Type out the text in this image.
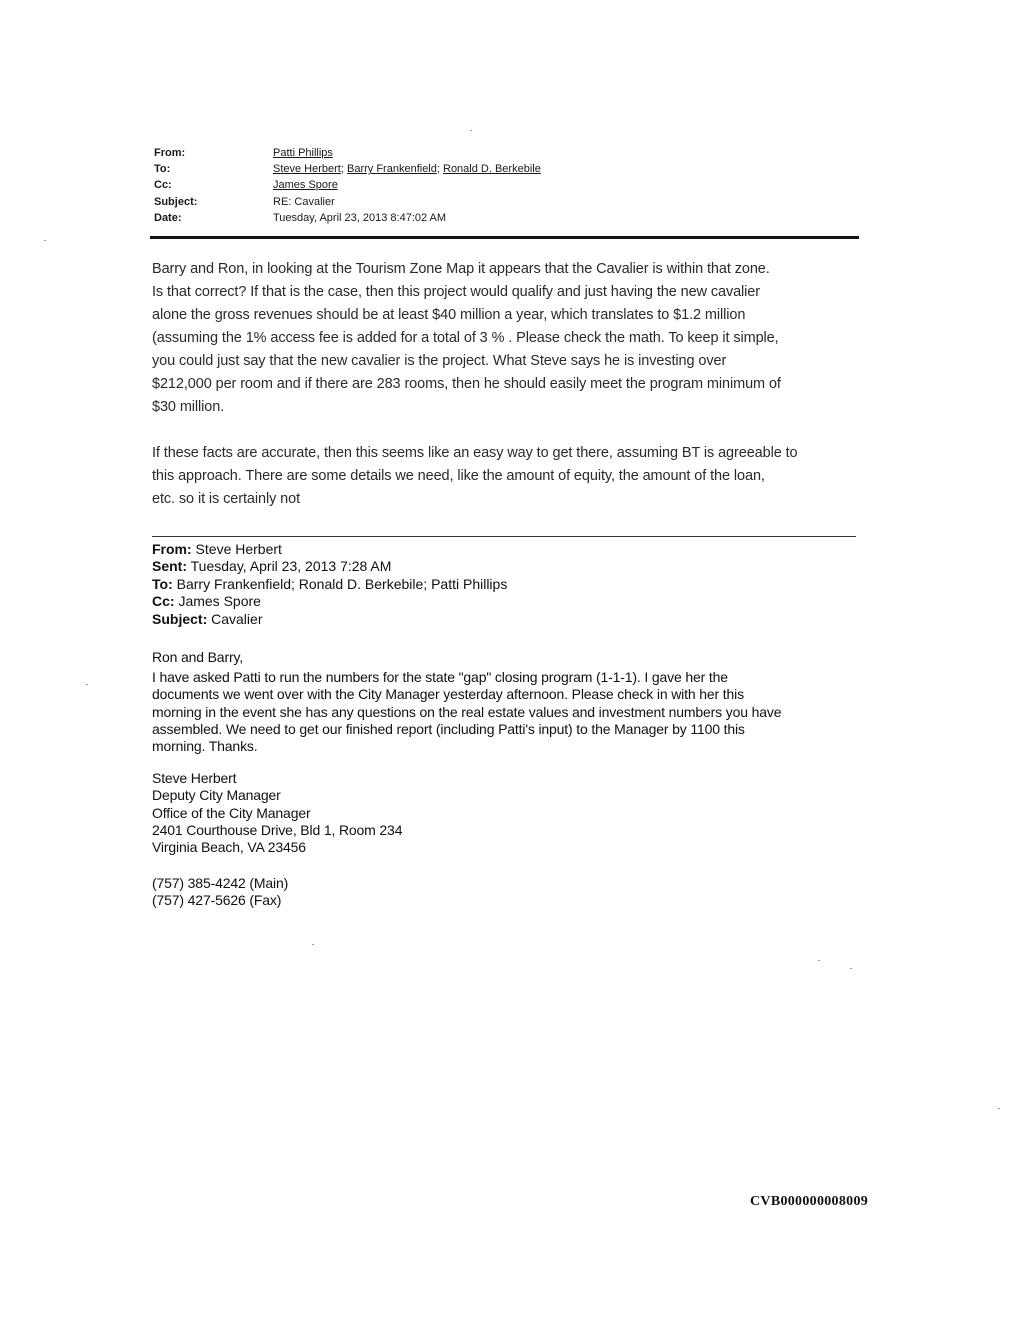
From:	Patti Phillips
To:	Steve Herbert; Barry Frankenfield; Ronald D. Berkebile
Cc:	James Spore
Subject:	RE: Cavalier
Date:	Tuesday, April 23, 2013 8:47:02 AM
Barry and Ron, in looking at the Tourism Zone Map it appears that the Cavalier is within that zone.
Is that correct? If that is the case, then this project would qualify and just having the new cavalier
alone the gross revenues should be at least $40 million a year, which translates to $1.2 million
(assuming the 1% access fee is added for a total of 3 % . Please check the math. To keep it simple,
you could just say that the new cavalier is the project. What Steve says he is investing over
$212,000 per room and if there are 283 rooms, then he should easily meet the program minimum of
$30 million.
If these facts are accurate, then this seems like an easy way to get there, assuming BT is agreeable to
this approach. There are some details we need, like the amount of equity, the amount of the loan,
etc. so it is certainly not
From: Steve Herbert
Sent: Tuesday, April 23, 2013 7:28 AM
To: Barry Frankenfield; Ronald D. Berkebile; Patti Phillips
Cc: James Spore
Subject: Cavalier
Ron and Barry,
I have asked Patti to run the numbers for the state "gap" closing program (1-1-1). I gave her the
documents we went over with the City Manager yesterday afternoon. Please check in with her this
morning in the event she has any questions on the real estate values and investment numbers you have
assembled. We need to get our finished report (including Patti's input) to the Manager by 1100 this
morning. Thanks.
Steve Herbert
Deputy City Manager
Office of the City Manager
2401 Courthouse Drive, Bld 1, Room 234
Virginia Beach, VA 23456
(757) 385-4242 (Main)
(757) 427-5626 (Fax)
CVB000000008009
